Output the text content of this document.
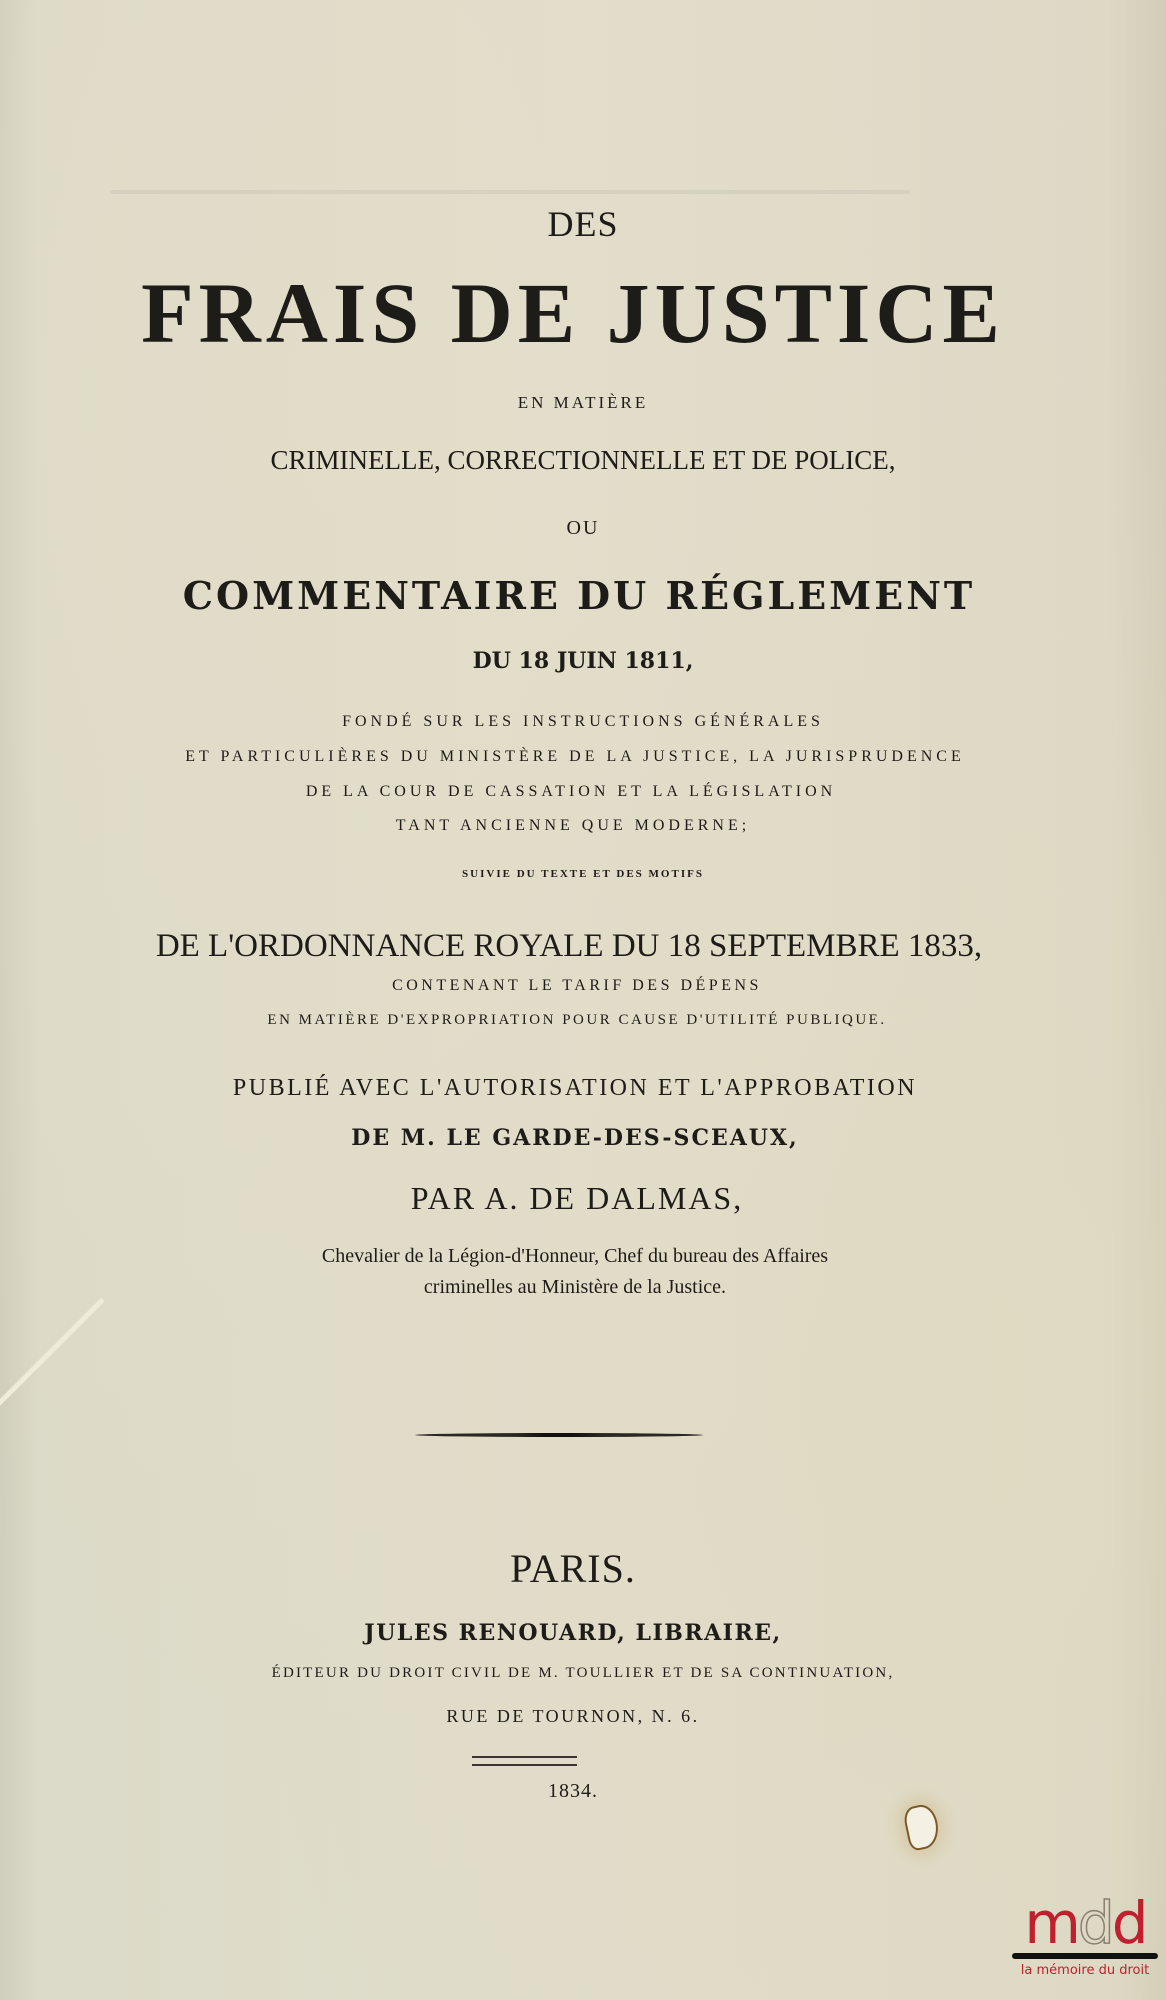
DES
FRAIS DE JUSTICE
EN MATIÈRE
CRIMINELLE, CORRECTIONNELLE ET DE POLICE,
OU
COMMENTAIRE DU RÉGLEMENT
DU 18 JUIN 1811,
FONDÉ SUR LES INSTRUCTIONS GÉNÉRALES
ET PARTICULIÈRES DU MINISTÈRE DE LA JUSTICE, LA JURISPRUDENCE
DE LA COUR DE CASSATION ET LA LÉGISLATION
TANT ANCIENNE QUE MODERNE;
SUIVIE DU TEXTE ET DES MOTIFS
DE L'ORDONNANCE ROYALE DU 18 SEPTEMBRE 1833,
CONTENANT LE TARIF DES DÉPENS
EN MATIÈRE D'EXPROPRIATION POUR CAUSE D'UTILITÉ PUBLIQUE.
PUBLIÉ AVEC L'AUTORISATION ET L'APPROBATION
DE M. LE GARDE-DES-SCEAUX,
PAR A. DE DALMAS,
Chevalier de la Légion-d'Honneur, Chef du bureau des Affaires
criminelles au Ministère de la Justice.
PARIS.
JULES RENOUARD, LIBRAIRE,
ÉDITEUR DU DROIT CIVIL DE M. TOULLIER ET DE SA CONTINUATION,
RUE DE TOURNON, N. 6.
1834.
mdd
la mémoire du droit
